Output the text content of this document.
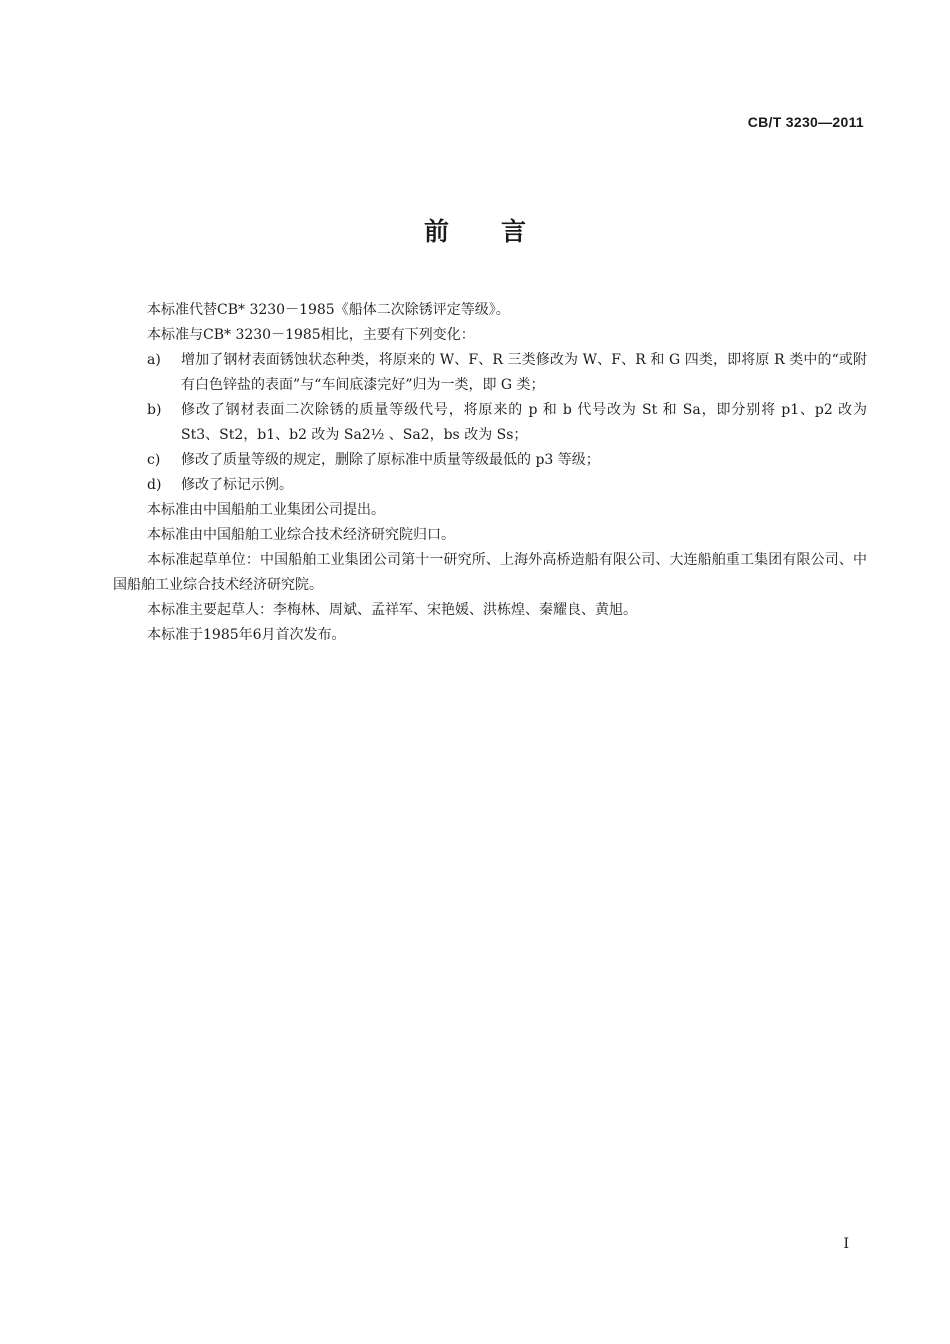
CB/T 3230—2011
前言

本标准代替CB* 3230－1985《船体二次除锈评定等级》。

本标准与CB* 3230－1985相比，主要有下列变化：

a)	增加了钢材表面锈蚀状态种类，将原来的 W、F、R 三类修改为 W、F、R 和 G 四类，即将原 R 类中的“或附有白色锌盐的表面”与“车间底漆完好”归为一类，即 G 类；
b)	修改了钢材表面二次除锈的质量等级代号，将原来的 p 和 b 代号改为 St 和 Sa，即分别将 p1、p2 改为 St3、St2，b1、b2 改为 Sa2½ 、Sa2，bs 改为 Ss；
c)	修改了质量等级的规定，删除了原标准中质量等级最低的 p3 等级；
d)	修改了标记示例。

本标准由中国船舶工业集团公司提出。

本标准由中国船舶工业综合技术经济研究院归口。

本标准起草单位：中国船舶工业集团公司第十一研究所、上海外高桥造船有限公司、大连船舶重工集团有限公司、中国船舶工业综合技术经济研究院。

本标准主要起草人：李梅林、周斌、孟祥军、宋艳媛、洪栋煌、秦耀良、黄旭。

本标准于1985年6月首次发布。

I
